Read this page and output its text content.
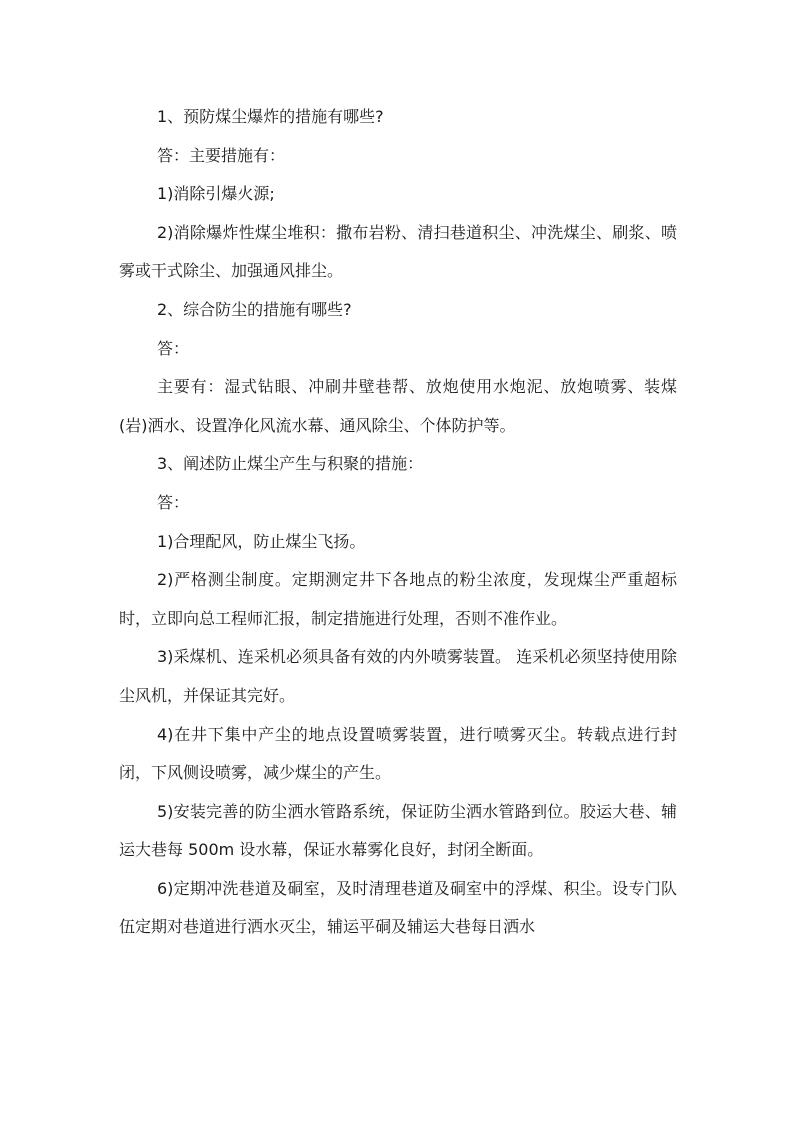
1、预防煤尘爆炸的措施有哪些?

答：主要措施有：

1)消除引爆火源;

2)消除爆炸性煤尘堆积：撒布岩粉、清扫巷道积尘、冲洗煤尘、刷浆、喷雾或干式除尘、加强通风排尘。

2、综合防尘的措施有哪些?

答：

主要有：湿式钻眼、冲刷井壁巷帮、放炮使用水炮泥、放炮喷雾、装煤(岩)洒水、设置净化风流水幕、通风除尘、个体防护等。

3、阐述防止煤尘产生与积聚的措施：

答：

1)合理配风，防止煤尘飞扬。

2)严格测尘制度。定期测定井下各地点的粉尘浓度，发现煤尘严重超标时，立即向总工程师汇报，制定措施进行处理，否则不准作业。

3)采煤机、连采机必须具备有效的内外喷雾装置。 连采机必须坚持使用除尘风机，并保证其完好。

4)在井下集中产尘的地点设置喷雾装置，进行喷雾灭尘。转载点进行封闭，下风侧设喷雾，减少煤尘的产生。

5)安装完善的防尘洒水管路系统，保证防尘洒水管路到位。胶运大巷、辅运大巷每 500m 设水幕，保证水幕雾化良好，封闭全断面。

6)定期冲洗巷道及硐室，及时清理巷道及硐室中的浮煤、积尘。设专门队伍定期对巷道进行洒水灭尘，辅运平硐及辅运大巷每日洒水
